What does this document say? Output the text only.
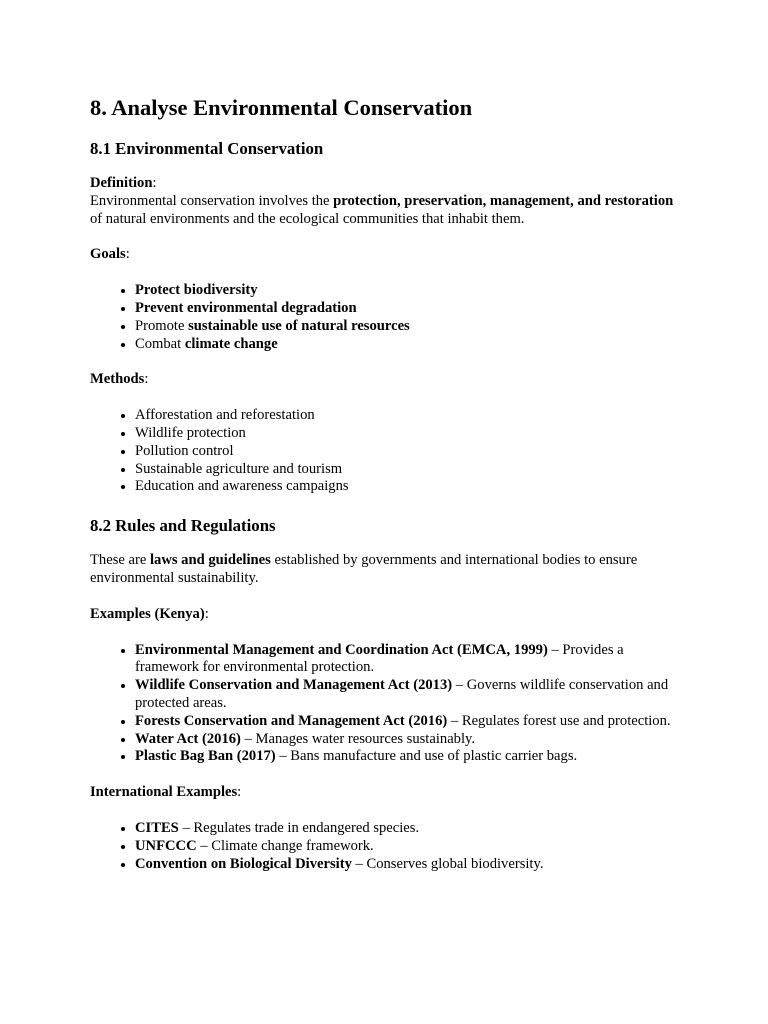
8. Analyse Environmental Conservation
8.1 Environmental Conservation

Definition:

Environmental conservation involves the protection, preservation, management, and restoration of natural environments and the ecological communities that inhabit them.

Goals:

• Protect biodiversity
• Prevent environmental degradation
• Promote sustainable use of natural resources
• Combat climate change

Methods:

• Afforestation and reforestation
• Wildlife protection
• Pollution control
• Sustainable agriculture and tourism
• Education and awareness campaigns
8.2 Rules and Regulations

These are laws and guidelines established by governments and international bodies to ensure environmental sustainability.

Examples (Kenya):

• Environmental Management and Coordination Act (EMCA, 1999) – Provides a framework for environmental protection.
• Wildlife Conservation and Management Act (2013) – Governs wildlife conservation and protected areas.
• Forests Conservation and Management Act (2016) – Regulates forest use and protection.
• Water Act (2016) – Manages water resources sustainably.
• Plastic Bag Ban (2017) – Bans manufacture and use of plastic carrier bags.

International Examples:

• CITES – Regulates trade in endangered species.
• UNFCCC – Climate change framework.
• Convention on Biological Diversity – Conserves global biodiversity.
